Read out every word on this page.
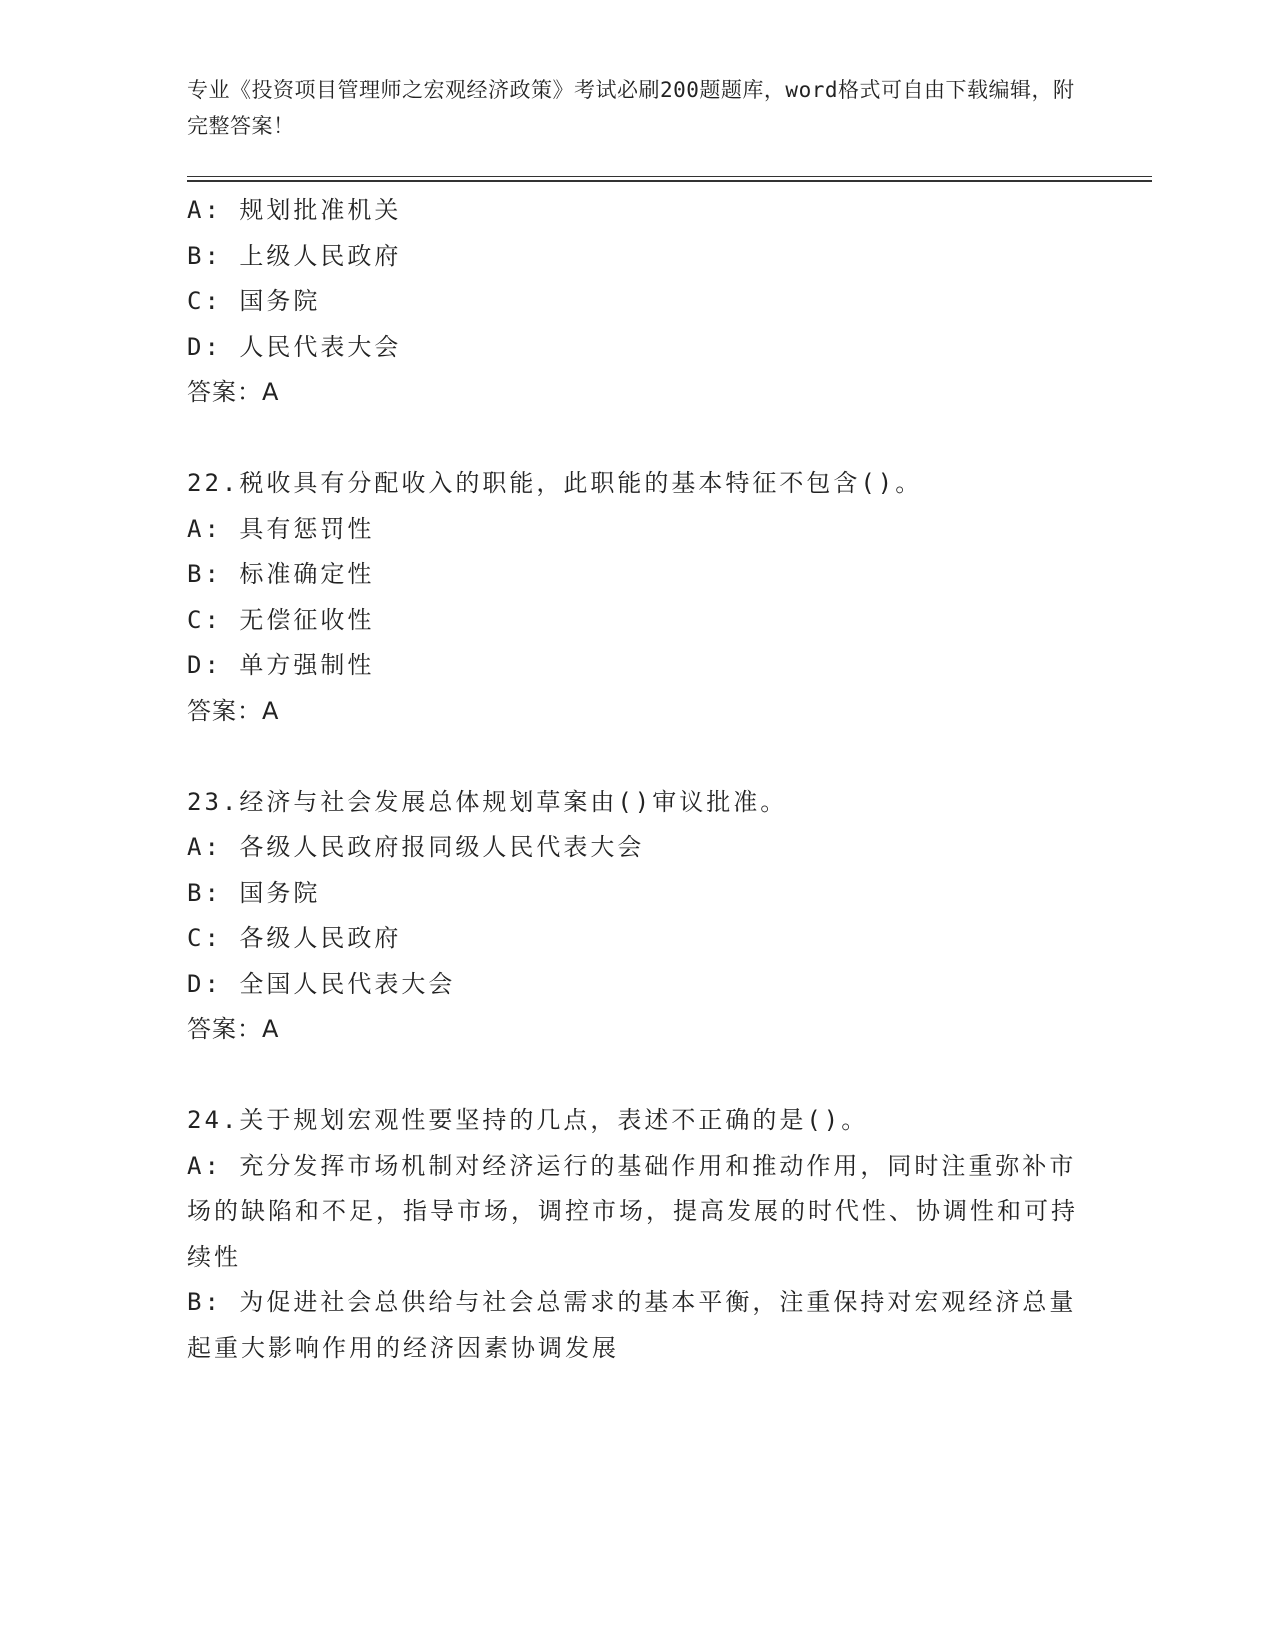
专业《投资项目管理师之宏观经济政策》考试必刷200题题库，word格式可自由下载编辑，附完整答案！
A: 规划批准机关
B: 上级人民政府
C: 国务院
D: 人民代表大会
答案：A
22.税收具有分配收入的职能，此职能的基本特征不包含()。
A: 具有惩罚性
B: 标准确定性
C: 无偿征收性
D: 单方强制性
答案：A
23.经济与社会发展总体规划草案由()审议批准。
A: 各级人民政府报同级人民代表大会
B: 国务院
C: 各级人民政府
D: 全国人民代表大会
答案：A
24.关于规划宏观性要坚持的几点，表述不正确的是()。
A: 充分发挥市场机制对经济运行的基础作用和推动作用，同时注重弥补市场的缺陷和不足，指导市场，调控市场，提高发展的时代性、协调性和可持续性
B: 为促进社会总供给与社会总需求的基本平衡，注重保持对宏观经济总量起重大影响作用的经济因素协调发展
